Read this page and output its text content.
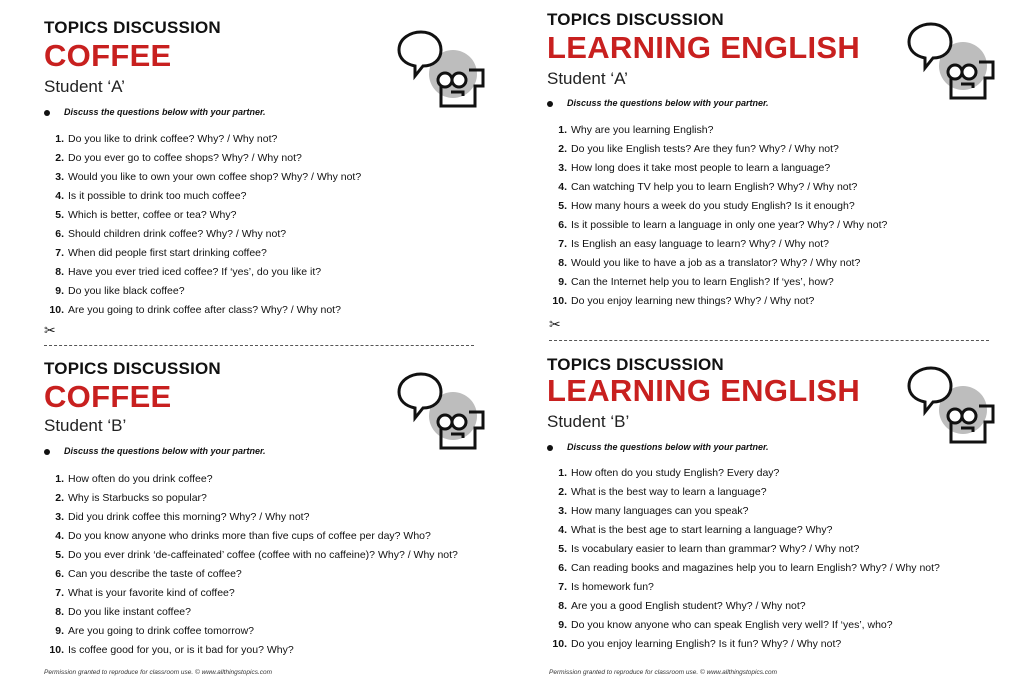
TOPICS DISCUSSION
COFFEE
Student ‘A’
Discuss the questions below with your partner.
1. Do you like to drink coffee? Why? / Why not?
2. Do you ever go to coffee shops? Why? / Why not?
3. Would you like to own your own coffee shop? Why? / Why not?
4. Is it possible to drink too much coffee?
5. Which is better, coffee or tea? Why?
6. Should children drink coffee? Why? / Why not?
7. When did people first start drinking coffee?
8. Have you ever tried iced coffee? If ‘yes’, do you like it?
9. Do you like black coffee?
10. Are you going to drink coffee after class? Why? / Why not?
TOPICS DISCUSSION
LEARNING ENGLISH
Student ‘A’
Discuss the questions below with your partner.
1. Why are you learning English?
2. Do you like English tests? Are they fun? Why? / Why not?
3. How long does it take most people to learn a language?
4. Can watching TV help you to learn English? Why? / Why not?
5. How many hours a week do you study English? Is it enough?
6. Is it possible to learn a language in only one year? Why? / Why not?
7. Is English an easy language to learn? Why? / Why not?
8. Would you like to have a job as a translator? Why? / Why not?
9. Can the Internet help you to learn English? If ‘yes’, how?
10. Do you enjoy learning new things? Why? / Why not?
TOPICS DISCUSSION
COFFEE
Student ‘B’
Discuss the questions below with your partner.
1. How often do you drink coffee?
2. Why is Starbucks so popular?
3. Did you drink coffee this morning? Why? / Why not?
4. Do you know anyone who drinks more than five cups of coffee per day? Who?
5. Do you ever drink ‘de-caffeinated’ coffee (coffee with no caffeine)? Why? / Why not?
6. Can you describe the taste of coffee?
7. What is your favorite kind of coffee?
8. Do you like instant coffee?
9. Are you going to drink coffee tomorrow?
10. Is coffee good for you, or is it bad for you? Why?
TOPICS DISCUSSION
LEARNING ENGLISH
Student ‘B’
Discuss the questions below with your partner.
1. How often do you study English? Every day?
2. What is the best way to learn a language?
3. How many languages can you speak?
4. What is the best age to start learning a language? Why?
5. Is vocabulary easier to learn than grammar? Why? / Why not?
6. Can reading books and magazines help you to learn English? Why? / Why not?
7. Is homework fun?
8. Are you a good English student? Why? / Why not?
9. Do you know anyone who can speak English very well? If ‘yes’, who?
10. Do you enjoy learning English? Is it fun? Why? / Why not?
✂	✂
Permission granted to reproduce for classroom use. © www.allthingstopics.com	Permission granted to reproduce for classroom use. © www.allthingstopics.com
